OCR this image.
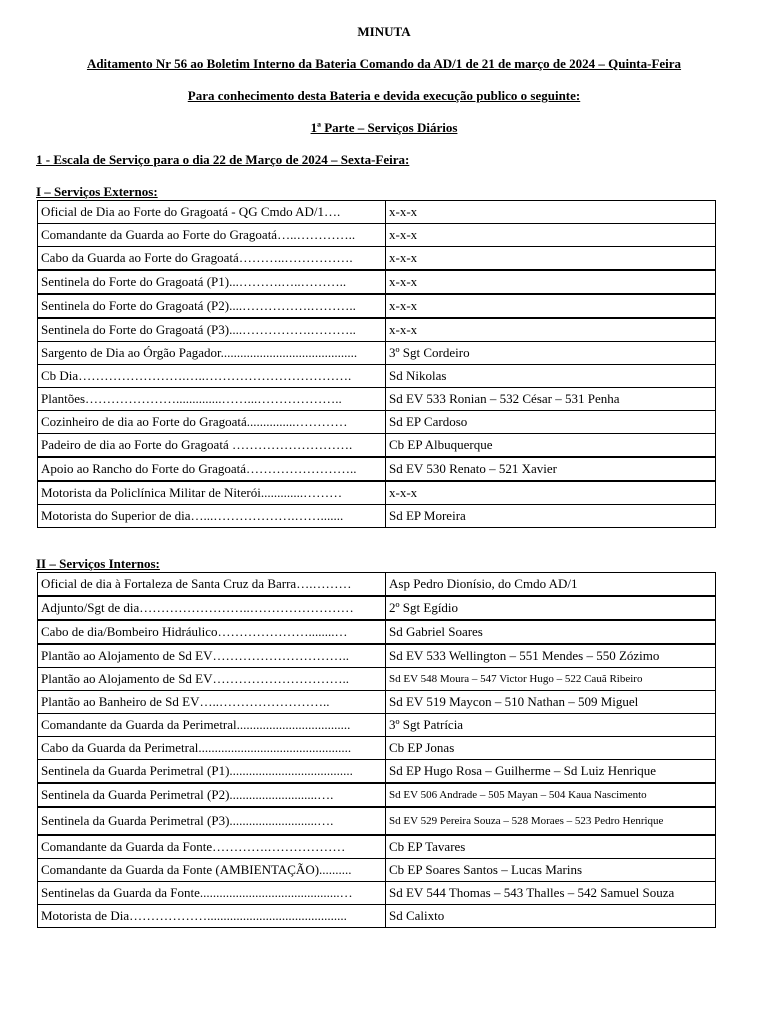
MINUTA
Aditamento Nr 56 ao Boletim Interno da Bateria Comando da AD/1 de 21 de março de 2024 – Quinta-Feira
Para conhecimento desta Bateria e devida execução publico o seguinte:
1ª Parte – Serviços Diários
1 - Escala de Serviço para o dia 22 de Março de 2024 – Sexta-Feira:
I – Serviços Externos:
Oficial de Dia ao Forte do Gragoatá - QG Cmdo AD/1….	x-x-x
Comandante da Guarda ao Forte do Gragoatá…..…………..	x-x-x
Cabo da Guarda ao Forte do Gragoatá………..…………….	x-x-x
Sentinela do Forte do Gragoatá (P1)...……….…..………..	x-x-x
Sentinela do Forte do Gragoatá (P2)....…………….………..	x-x-x
Sentinela do Forte do Gragoatá (P3)....…………….………..	x-x-x
Sargento de Dia ao Órgão Pagador..........................................	3º Sgt Cordeiro
Cb Dia…………………….…..…………………………….	Sd Nikolas
Plantões…………………..............……...………………..	Sd EV 533 Ronian – 532 César – 531 Penha
Cozinheiro de dia ao Forte do Gragoatá...............…………	Sd EP Cardoso
Padeiro de dia ao Forte do Gragoatá ……………………….	Cb EP Albuquerque
Apoio ao Rancho do Forte do Gragoatá……………………..	Sd EV 530 Renato – 521 Xavier
Motorista da Policlínica Militar de Niterói.............………	x-x-x
Motorista do Superior de dia…...……………….…….......	Sd EP Moreira
II – Serviços Internos:
Oficial de dia à Fortaleza de Santa Cruz da Barra….………	Asp Pedro Dionísio, do Cmdo AD/1
Adjunto/Sgt de dia……………………..……………………	2º Sgt Egídio
Cabo de dia/Bombeiro Hidráulico…………………........…	Sd Gabriel Soares
Plantão ao Alojamento de Sd EV…………………………..	Sd EV 533 Wellington – 551 Mendes – 550 Zózimo
Plantão ao Alojamento de Sd EV…………………………..	Sd EV 548 Moura – 547 Victor Hugo – 522 Cauã Ribeiro
Plantão ao Banheiro de Sd EV…..……………………..	Sd EV 519 Maycon – 510 Nathan – 509 Miguel
Comandante da Guarda da Perimetral...................................	3º Sgt Patrícia
Cabo da Guarda da Perimetral...............................................	Cb EP Jonas
Sentinela da Guarda Perimetral (P1)......................................	Sd EP Hugo Rosa – Guilherme – Sd Luiz Henrique
Sentinela da Guarda Perimetral (P2)...........................….	Sd EV 506 Andrade – 505 Mayan – 504 Kaua Nascimento
Sentinela da Guarda Perimetral (P3)...........................….	Sd EV 529 Pereira Souza – 528 Moraes – 523 Pedro Henrique
Comandante da Guarda da Fonte………….………………	Cb EP Tavares
Comandante da Guarda da Fonte (AMBIENTAÇÃO)..........	Cb EP Soares Santos – Lucas Marins
Sentinelas da Guarda da Fonte...........................................…	Sd EV 544 Thomas – 543 Thalles – 542 Samuel Souza
Motorista de Dia………………...........................................	Sd Calixto
